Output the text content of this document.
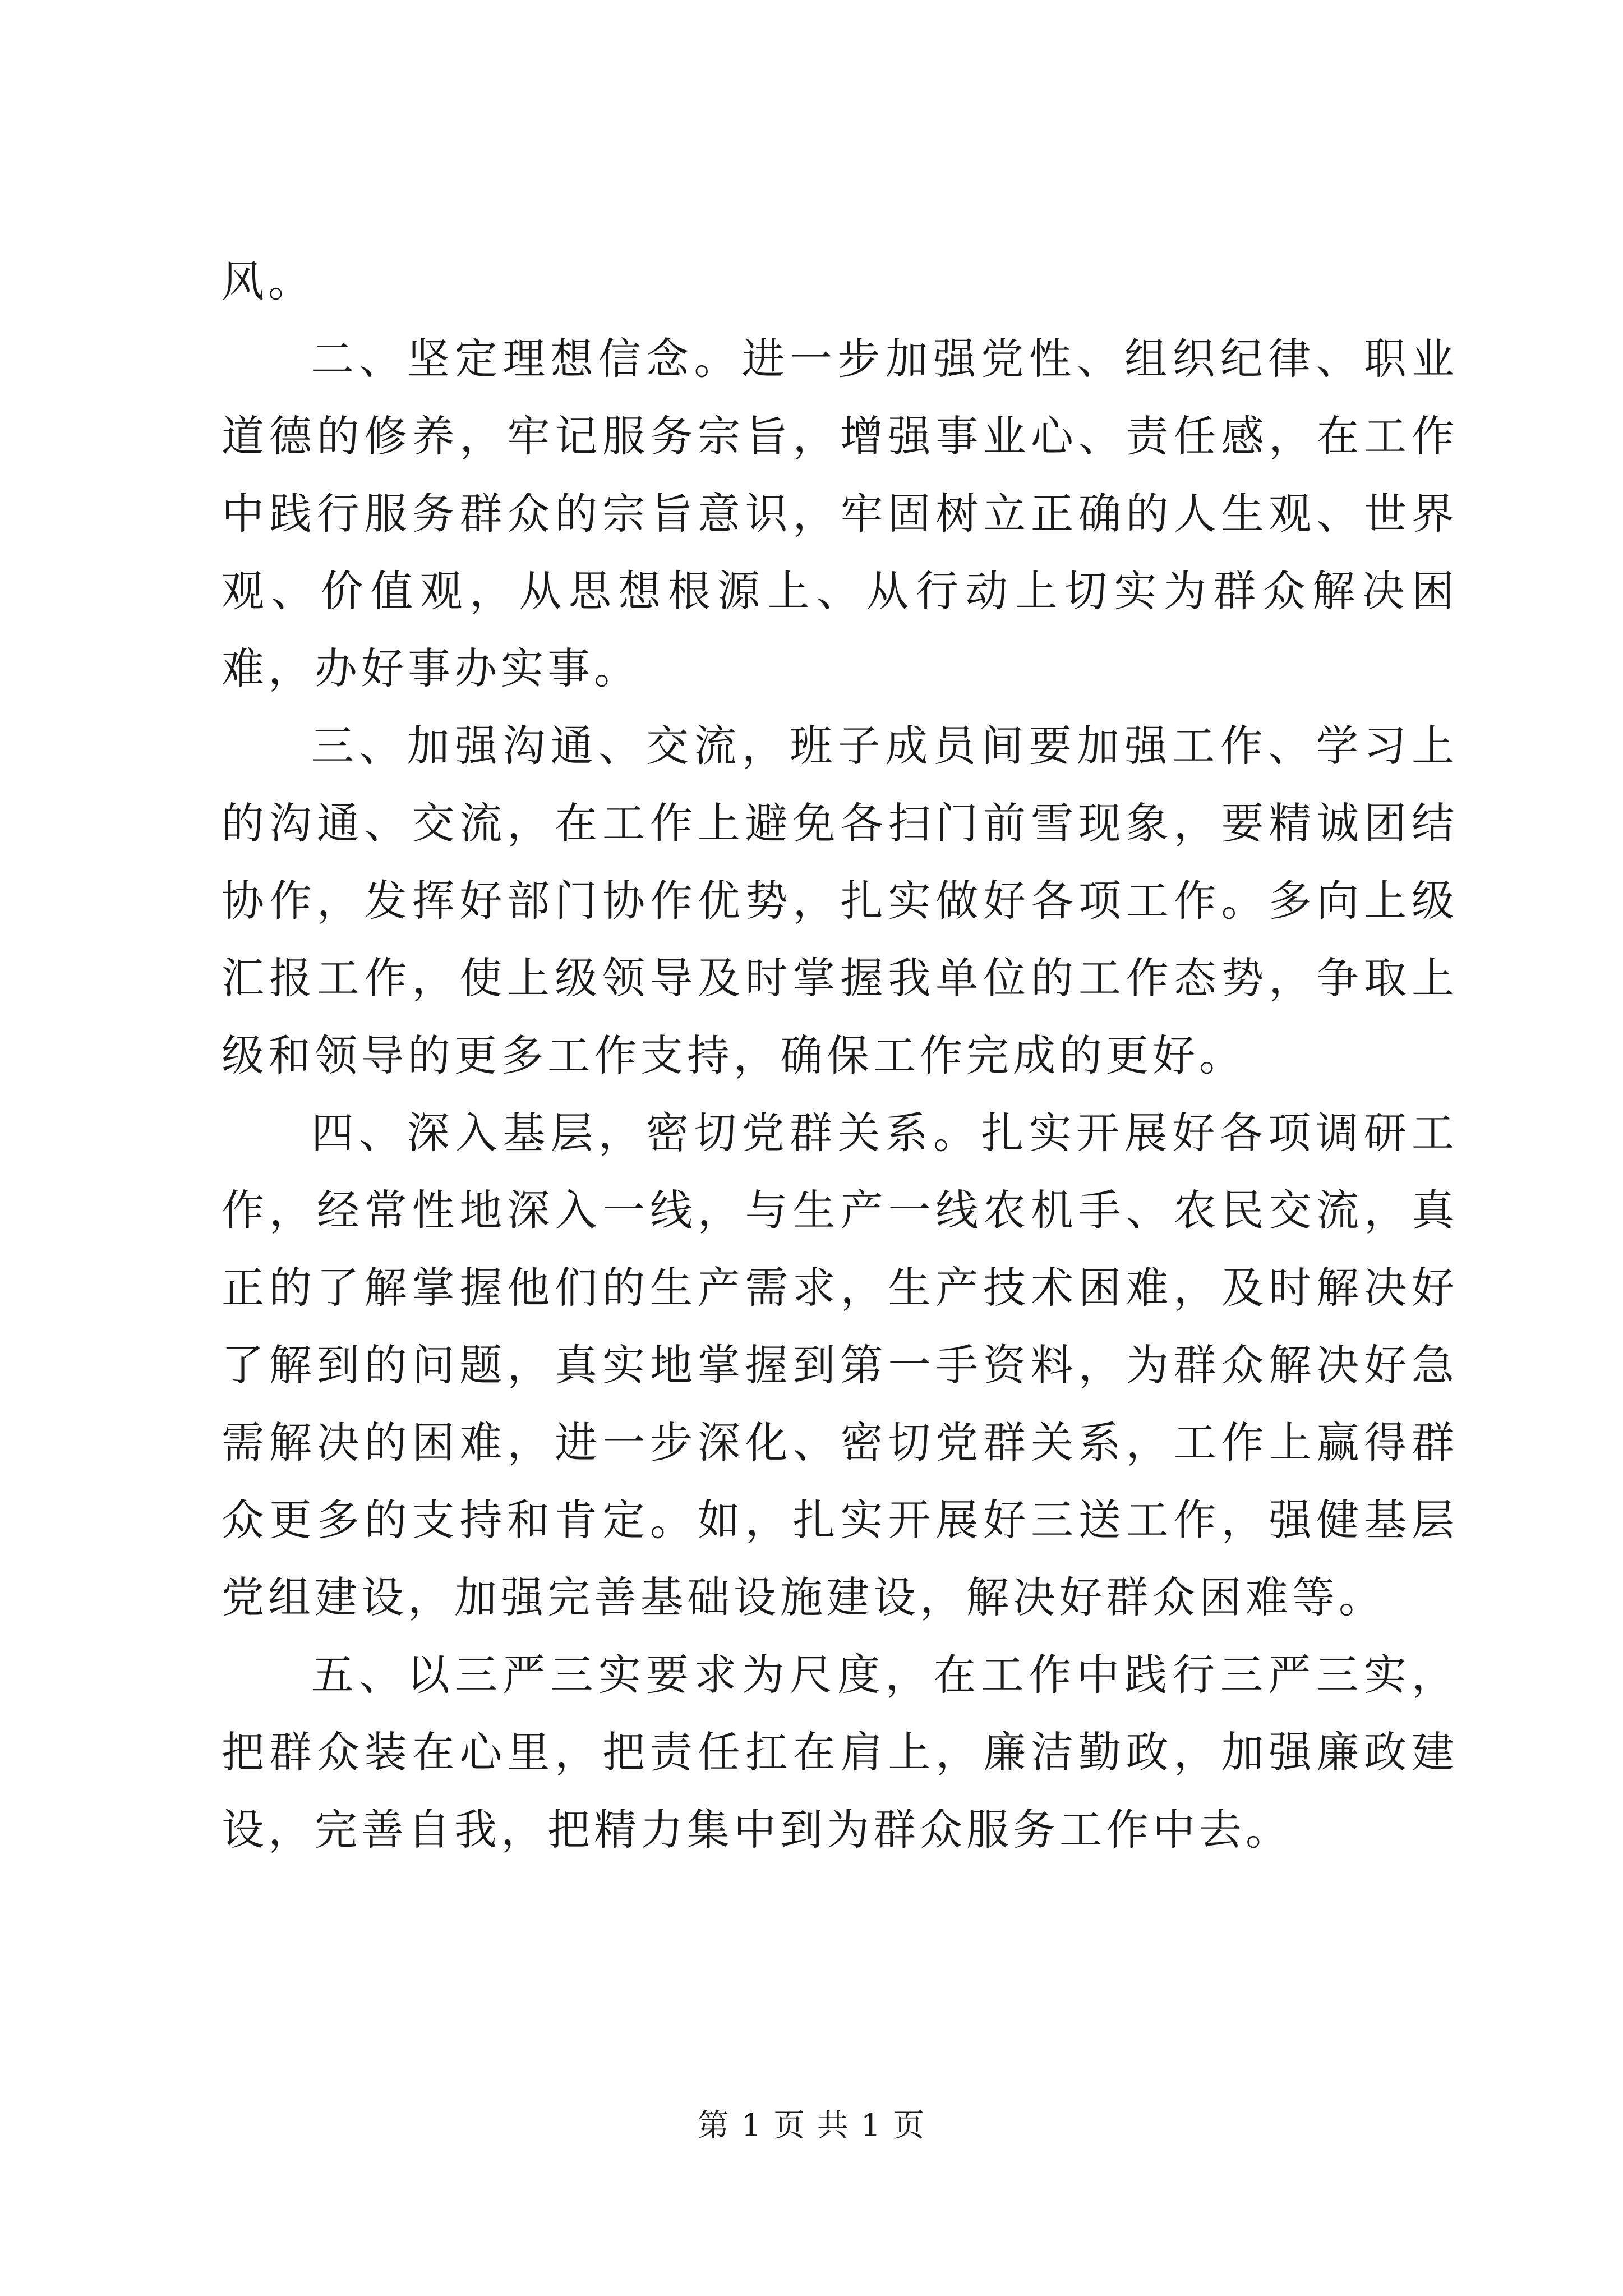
风。

二、坚定理想信念。进一步加强党性、组织纪律、职业道德的修养，牢记服务宗旨，增强事业心、责任感，在工作中践行服务群众的宗旨意识，牢固树立正确的人生观、世界观、价值观，从思想根源上、从行动上切实为群众解决困难，办好事办实事。

三、加强沟通、交流，班子成员间要加强工作、学习上的沟通、交流，在工作上避免各扫门前雪现象，要精诚团结协作，发挥好部门协作优势，扎实做好各项工作。多向上级汇报工作，使上级领导及时掌握我单位的工作态势，争取上级和领导的更多工作支持，确保工作完成的更好。

四、深入基层，密切党群关系。扎实开展好各项调研工作，经常性地深入一线，与生产一线农机手、农民交流，真正的了解掌握他们的生产需求，生产技术困难，及时解决好了解到的问题，真实地掌握到第一手资料，为群众解决好急需解决的困难，进一步深化、密切党群关系，工作上赢得群众更多的支持和肯定。如，扎实开展好三送工作，强健基层党组建设，加强完善基础设施建设，解决好群众困难等。

五、以三严三实要求为尺度，在工作中践行三严三实，把群众装在心里，把责任扛在肩上，廉洁勤政，加强廉政建设，完善自我，把精力集中到为群众服务工作中去。

第 1 页 共 1 页
